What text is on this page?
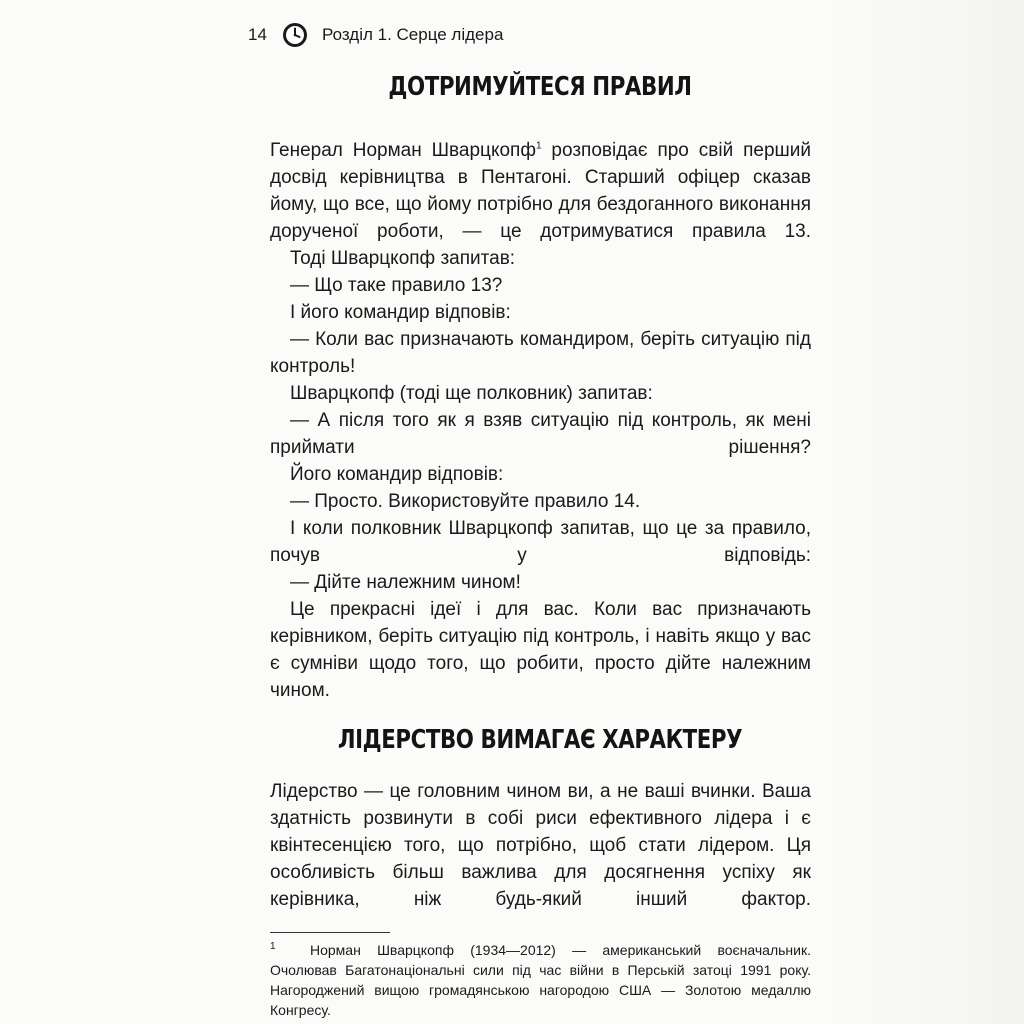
14	Розділ 1. Серце лідера
ДОТРИМУЙТЕСЯ ПРАВИЛ

Генерал Норман Шварцкопф$^1$ розповідає про свій перший досвід керівництва в Пентагоні. Старший офіцер сказав йому, що все, що йому потрібно для бездоганного виконання дорученої роботи, — це дотримуватися правила 13.

Тоді Шварцкопф запитав:

— Що таке правило 13?

І його командир відповів:

— Коли вас призначають командиром, беріть ситуацію під контроль!

Шварцкопф (тоді ще полковник) запитав:

— А після того як я взяв ситуацію під контроль, як мені приймати рішення?

Його командир відповів:

— Просто. Використовуйте правило 14.

І коли полковник Шварцкопф запитав, що це за правило, почув у відповідь:

— Дійте належним чином!

Це прекрасні ідеї і для вас. Коли вас призначають керівником, беріть ситуацію під контроль, і навіть якщо у вас є сумніви щодо того, що робити, просто дійте належним чином.

ЛІДЕРСТВО ВИМАГАЄ ХАРАКТЕРУ

Лідерство — це головним чином ви, а не ваші вчинки. Ваша здатність розвинути в собі риси ефективного лідера і є квінтесенцією того, що потрібно, щоб стати лідером. Ця особливість більш важлива для досягнення успіху як керівника, ніж будь-який інший фактор.

1 Норман Шварцкопф (1934—2012) — американський воєначальник. Очолював Багатонаціональні сили під час війни в Перській затоці 1991 року. Нагороджений вищою громадянською нагородою США — Золотою медаллю Конгресу.
